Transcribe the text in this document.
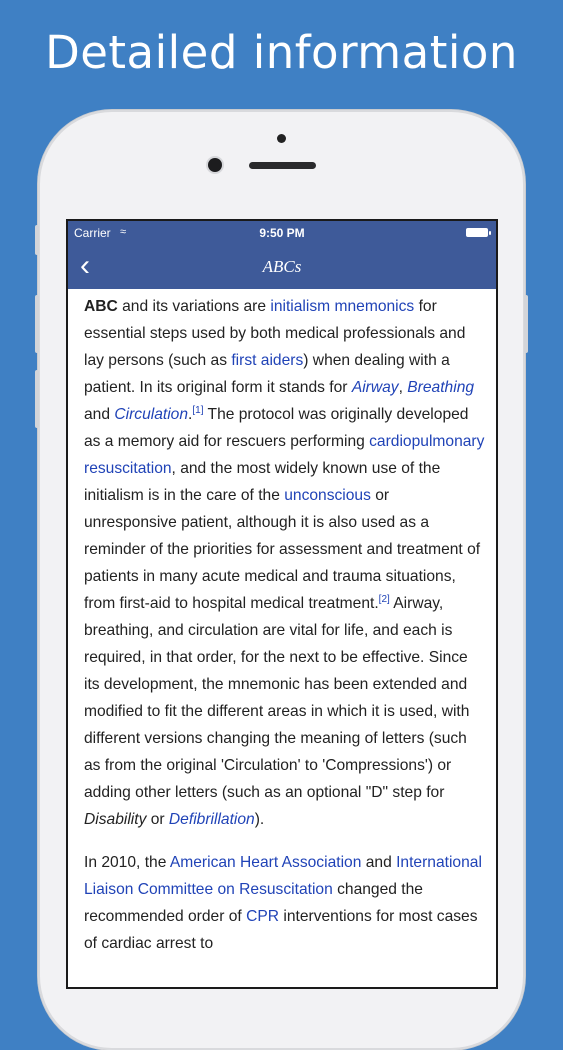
Detailed information
Carrier ≈	9:50 PM
‹	ABCs

ABC and its variations are initialism mnemonics for essential steps used by both medical professionals and lay persons (such as first aiders) when dealing with a patient. In its original form it stands for Airway, Breathing and Circulation.[1] The protocol was originally developed as a memory aid for rescuers performing cardiopulmonary resuscitation, and the most widely known use of the initialism is in the care of the unconscious or unresponsive patient, although it is also used as a reminder of the priorities for assessment and treatment of patients in many acute medical and trauma situations, from first-aid to hospital medical treatment.[2] Airway, breathing, and circulation are vital for life, and each is required, in that order, for the next to be effective. Since its development, the mnemonic has been extended and modified to fit the different areas in which it is used, with different versions changing the meaning of letters (such as from the original 'Circulation' to 'Compressions') or adding other letters (such as an optional "D" step for Disability or Defibrillation).

In 2010, the American Heart Association and International Liaison Committee on Resuscitation changed the recommended order of CPR interventions for most cases of cardiac arrest to
